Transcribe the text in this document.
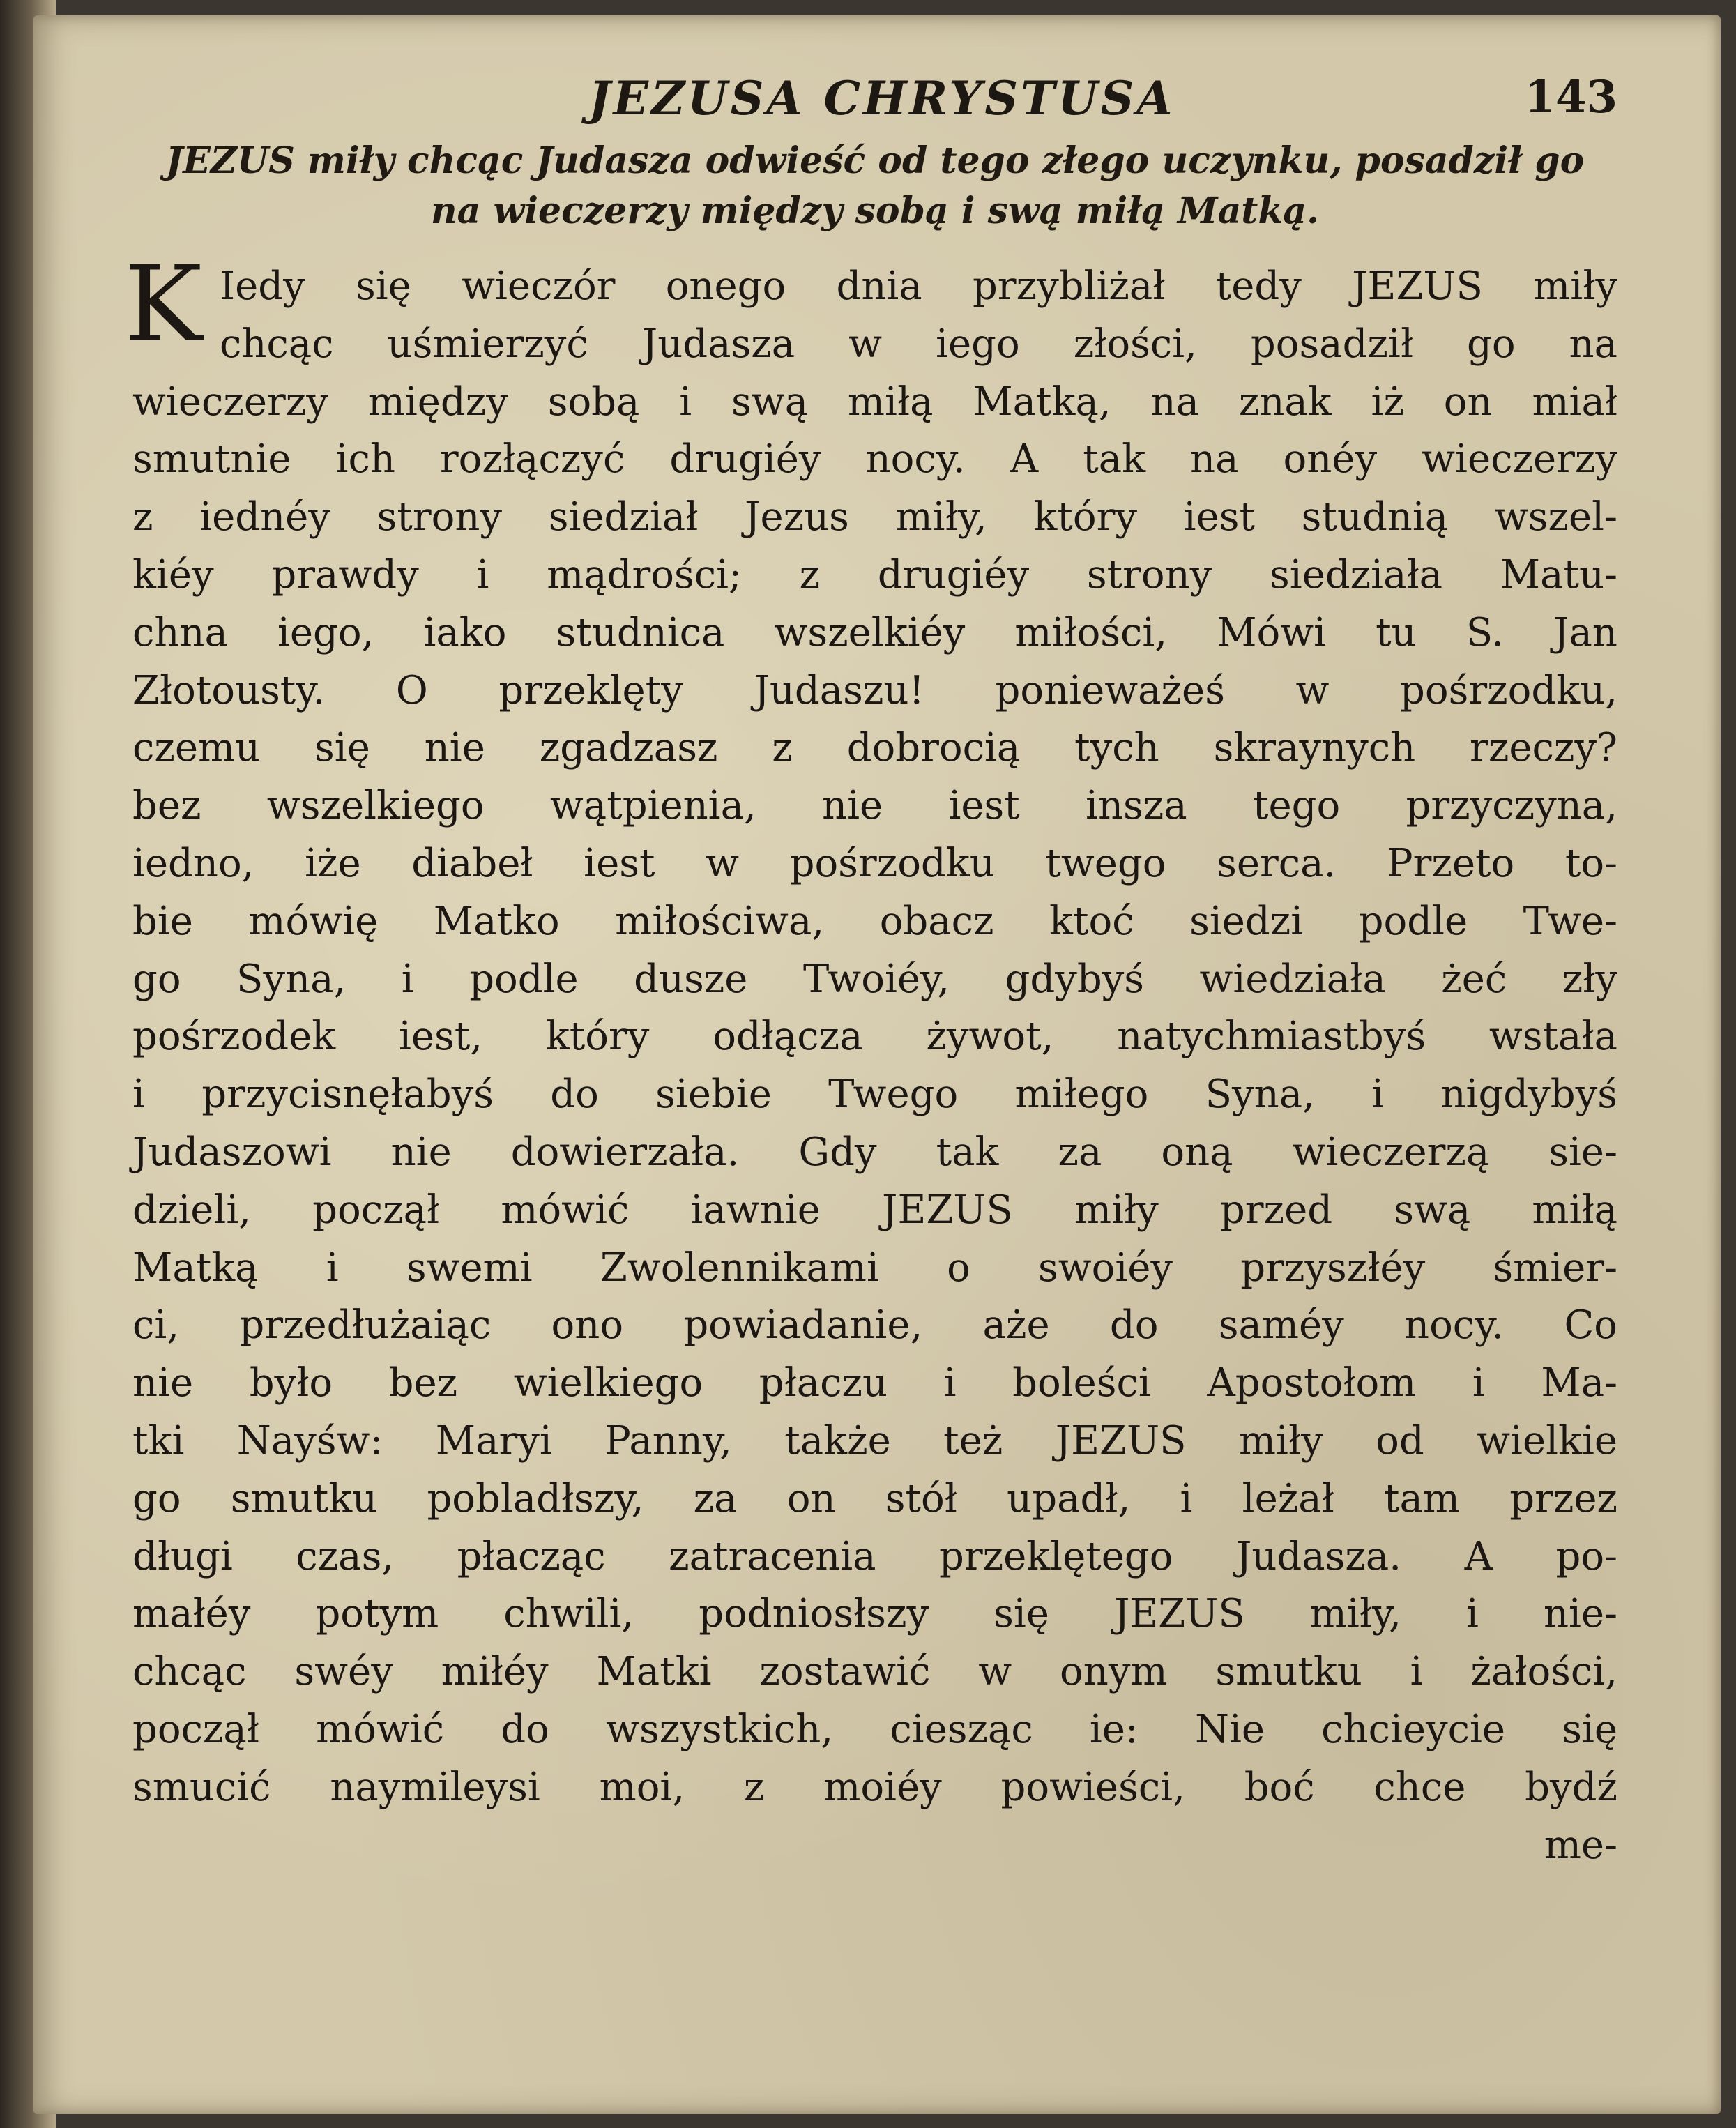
JEZUSA CHRYSTUSA	143
JEZUS miły chcąc Judasza odwieść od tego złego uczynku, posadził go
na wieczerzy między sobą i swą miłą Matką.
K Iedy się wieczór onego dnia przybliżał tedy JEZUS miły
chcąc uśmierzyć Judasza w iego złości, posadził go na
wieczerzy między sobą i swą miłą Matką, na znak iż on miał
smutnie ich rozłączyć drugiéy nocy. A tak na onéy wieczerzy
z iednéy strony siedział Jezus miły, który iest studnią wszel-
kiéy prawdy i mądrości; z drugiéy strony siedziała Matu-
chna iego, iako studnica wszelkiéy miłości, Mówi tu S. Jan
Złotousty. O przeklęty Judaszu! ponieważeś w pośrzodku,
czemu się nie zgadzasz z dobrocią tych skraynych rzeczy?
bez wszelkiego wątpienia, nie iest insza tego przyczyna,
iedno, iże diabeł iest w pośrzodku twego serca. Przeto to-
bie mówię Matko miłościwa, obacz ktoć siedzi podle Twe-
go Syna, i podle dusze Twoiéy, gdybyś wiedziała żeć zły
pośrzodek iest, który odłącza żywot, natychmiastbyś wstała
i przycisnęłabyś do siebie Twego miłego Syna, i nigdybyś
Judaszowi nie dowierzała. Gdy tak za oną wieczerzą sie-
dzieli, począł mówić iawnie JEZUS miły przed swą miłą
Matką i swemi Zwolennikami o swoiéy przyszłéy śmier-
ci, przedłużaiąc ono powiadanie, aże do saméy nocy. Co
nie było bez wielkiego płaczu i boleści Apostołom i Ma-
tki Nayśw: Maryi Panny, także też JEZUS miły od wielkie
go smutku pobladłszy, za on stół upadł, i leżał tam przez
długi czas, płacząc zatracenia przeklętego Judasza. A po-
małéy potym chwili, podniosłszy się JEZUS miły, i nie-
chcąc swéy miłéy Matki zostawić w onym smutku i żałości,
począł mówić do wszystkich, ciesząc ie: Nie chcieycie się
smucić naymileysi moi, z moiéy powieści, boć chce bydź
me-
